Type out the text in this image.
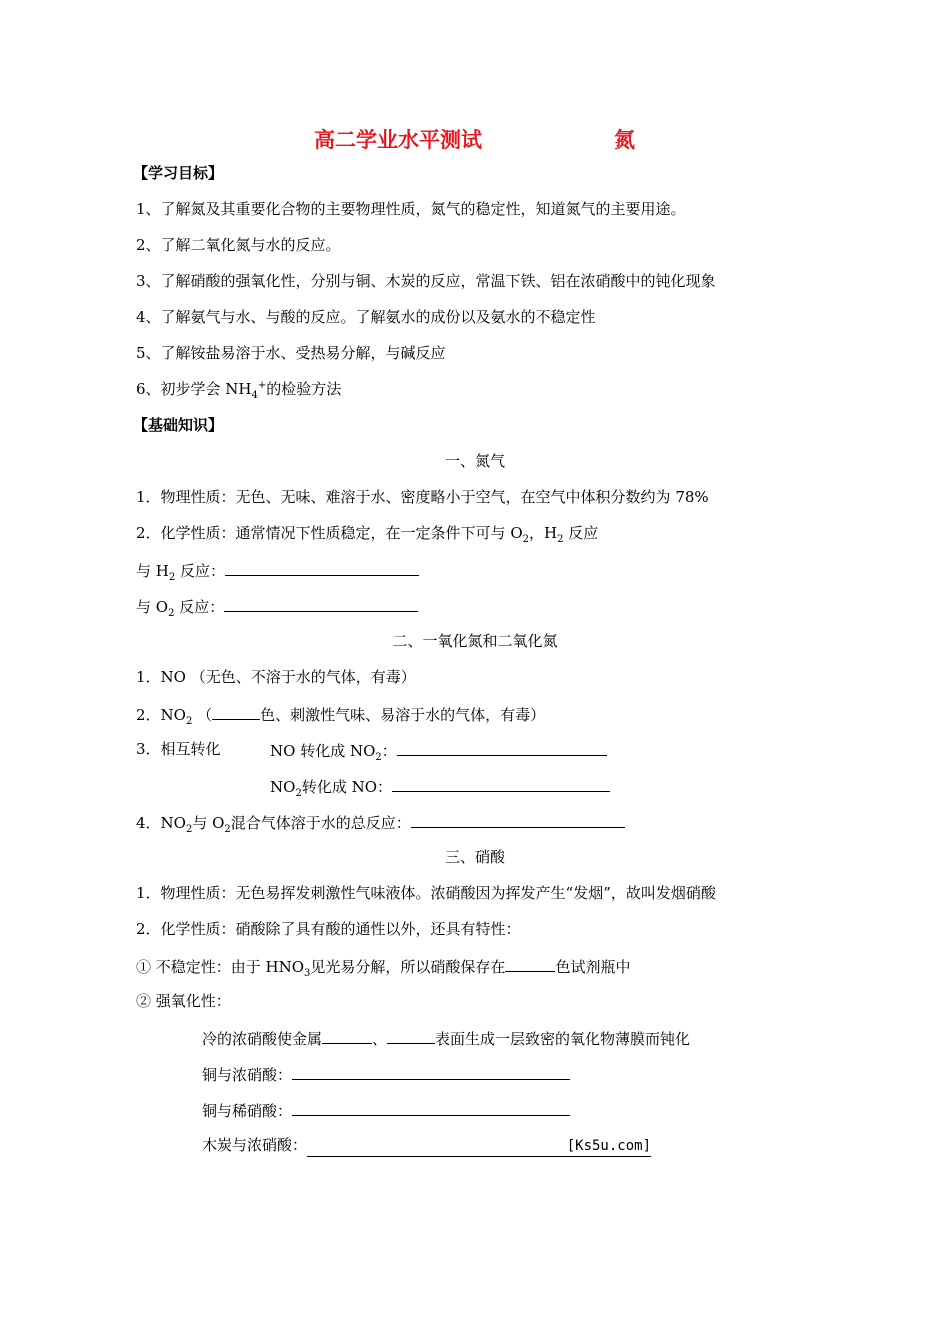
高二学业水平测试	氮
【学习目标】
1、了解氮及其重要化合物的主要物理性质，氮气的稳定性，知道氮气的主要用途。
2、了解二氧化氮与水的反应。
3、了解硝酸的强氧化性，分别与铜、木炭的反应，常温下铁、铝在浓硝酸中的钝化现象
4、了解氨气与水、与酸的反应。了解氨水的成份以及氨水的不稳定性
5、了解铵盐易溶于水、受热易分解，与碱反应
6、初步学会 $NH_4^+$的检验方法
【基础知识】
一、氮气
1．物理性质：无色、无味、难溶于水、密度略小于空气，在空气中体积分数约为 78%
2．化学性质：通常情况下性质稳定，在一定条件下可与 $O_2$，$H_2$ 反应
与 $H_2$ 反应：
与 $O_2$ 反应：
二、一氧化氮和二氧化氮
1．NO （无色、不溶于水的气体，有毒）
2．$NO_2$ （	色、刺激性气味、易溶于水的气体，有毒）
3．相互转化	NO 转化成 $NO_2$：
$NO_2$转化成 NO：
4．$NO_2$与 $O_2$混合气体溶于水的总反应：
三、硝酸
1．物理性质：无色易挥发刺激性气味液体。浓硝酸因为挥发产生“发烟”，故叫发烟硝酸
2．化学性质：硝酸除了具有酸的通性以外，还具有特性：
① 不稳定性：由于 $HNO_3$见光易分解，所以硝酸保存在	色试剂瓶中
② 强氧化性：
冷的浓硝酸使金属	、	表面生成一层致密的氧化物薄膜而钝化
铜与浓硝酸：
铜与稀硝酸：
木炭与浓硝酸：	[Ks5u.com]
